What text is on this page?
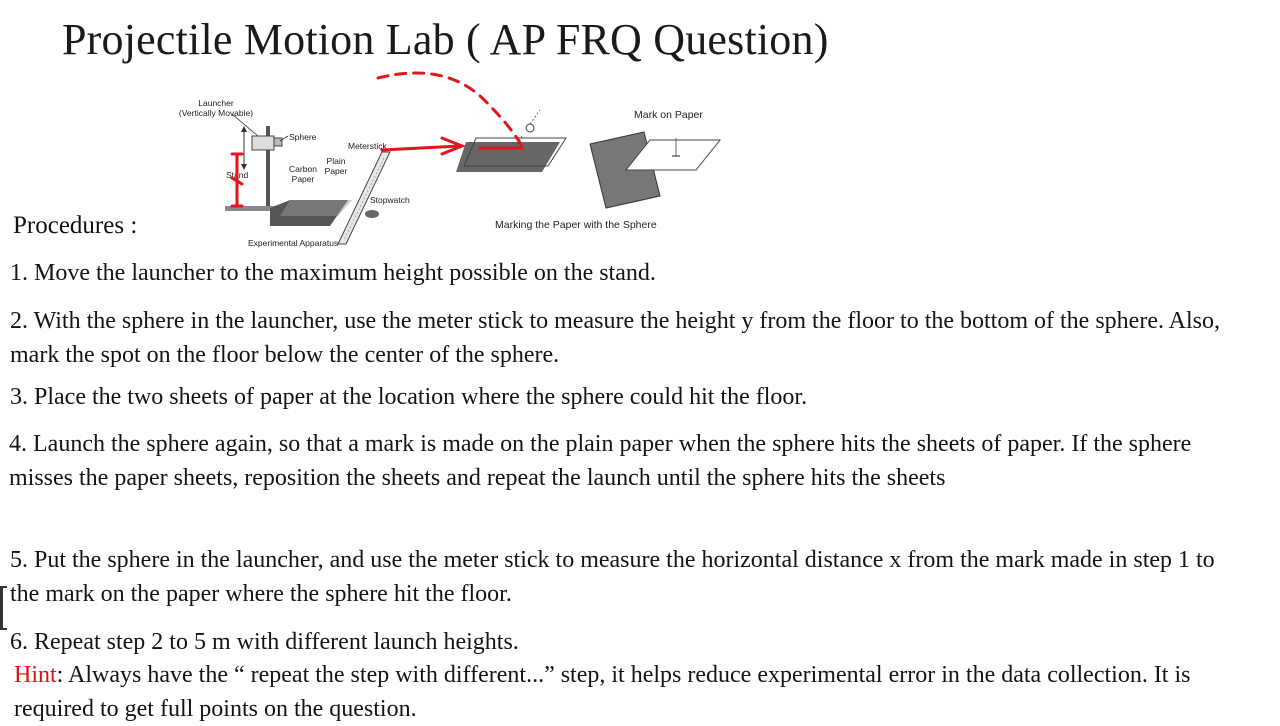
Projectile Motion Lab ( AP FRQ Question)
Launcher
(Vertically Movable)
Sphere
Stand
Carbon
Paper
Plain
Paper
Meterstick
Stopwatch
Experimental Apparatus
Mark on Paper
Marking the Paper with the Sphere
Procedures :
1. Move the launcher to the maximum height possible on the stand.
2. With the sphere in the launcher, use the meter stick to measure the height y from the floor to the bottom of the sphere. Also, mark the spot on the floor below the center of the sphere.
3. Place the two sheets of paper at the location where the sphere could hit the floor.
4. Launch the sphere again, so that a mark is made on the plain paper when the sphere hits the sheets of paper. If the sphere misses the paper sheets, reposition the sheets and repeat the launch until the sphere hits the sheets
5. Put the sphere in the launcher, and use the meter stick to measure the horizontal distance x from the mark made in step 1 to the mark on the paper where the sphere hit the floor.
6. Repeat step 2 to 5 m with different launch heights.
Hint: Always have the “ repeat the step with different...” step, it helps reduce experimental error in the data collection. It is required to get full points on the question.
